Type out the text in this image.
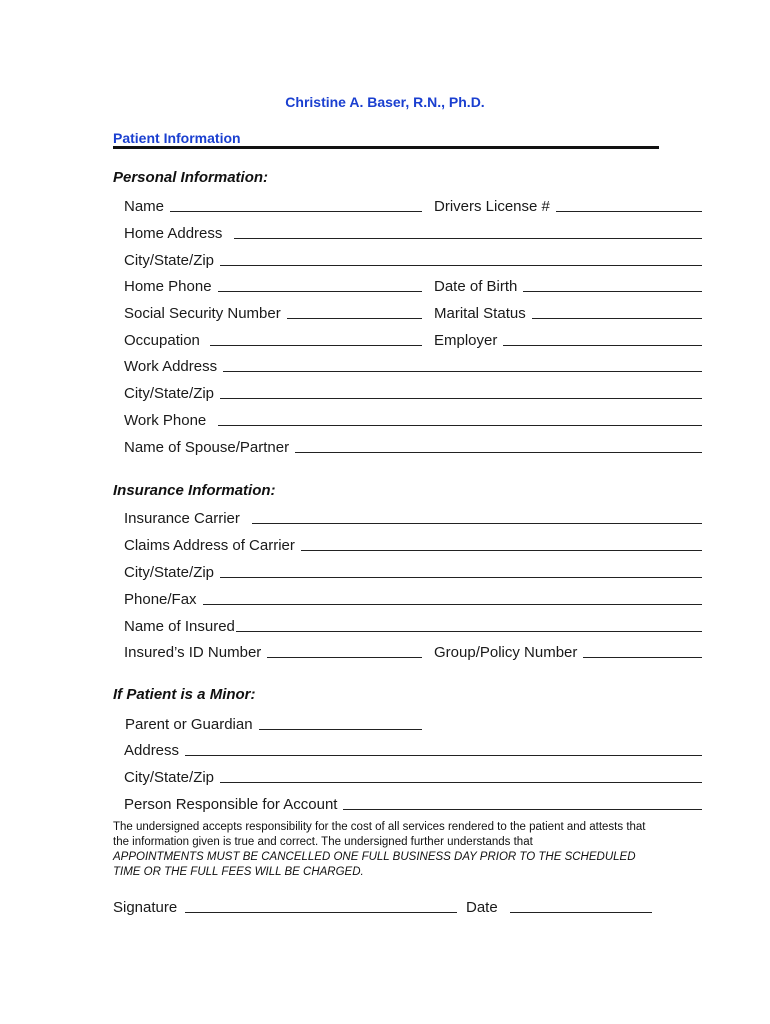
Christine A. Baser, R.N., Ph.D.
Patient Information
Personal Information:
Name	Drivers License #
Home Address
City/State/Zip
Home Phone	Date of Birth
Social Security Number	Marital Status
Occupation	Employer
Work Address
City/State/Zip
Work Phone
Name of Spouse/Partner
Insurance Information:
Insurance Carrier
Claims Address of Carrier
City/State/Zip
Phone/Fax
Name of Insured
Insured’s ID Number	Group/Policy Number
If Patient is a Minor:
Parent or Guardian
Address
City/State/Zip
Person Responsible for Account
The undersigned accepts responsibility for the cost of all services rendered to the patient and attests that the information given is true and correct. The undersigned further understands that
APPOINTMENTS MUST BE CANCELLED ONE FULL BUSINESS DAY PRIOR TO THE SCHEDULED TIME OR THE FULL FEES WILL BE CHARGED.
Signature	Date
